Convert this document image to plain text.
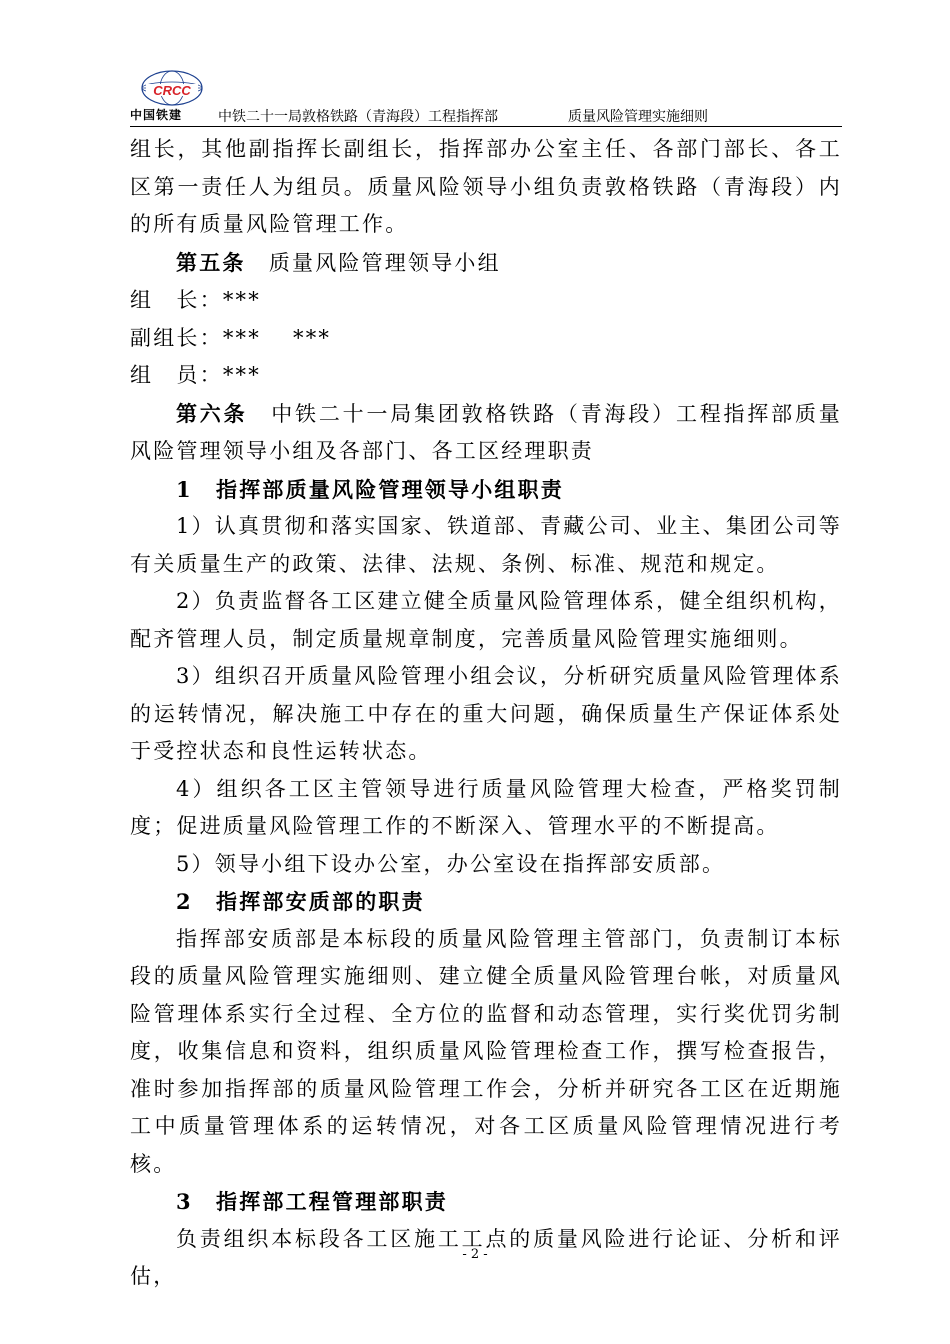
CRCC
中国铁建	中铁二十一局敦格铁路（青海段）工程指挥部	质量风险管理实施细则

组长，其他副指挥长副组长，指挥部办公室主任、各部门部长、各工区第一责任人为组员。质量风险领导小组负责敦格铁路（青海段）内的所有质量风险管理工作。

第五条　 质量风险管理领导小组

组　长：***

副组长：***　 ***

组　员：***

第六条　 中铁二十一局集团敦格铁路（青海段）工程指挥部质量风险管理领导小组及各部门、各工区经理职责

1　指挥部质量风险管理领导小组职责

1）认真贯彻和落实国家、铁道部、青藏公司、业主、集团公司等有关质量生产的政策、法律、法规、条例、标准、规范和规定。

2）负责监督各工区建立健全质量风险管理体系，健全组织机构，配齐管理人员，制定质量规章制度，完善质量风险管理实施细则。

3）组织召开质量风险管理小组会议，分析研究质量风险管理体系的运转情况，解决施工中存在的重大问题，确保质量生产保证体系处于受控状态和良性运转状态。

4）组织各工区主管领导进行质量风险管理大检查，严格奖罚制度；促进质量风险管理工作的不断深入、管理水平的不断提高。

5）领导小组下设办公室，办公室设在指挥部安质部。

2　指挥部安质部的职责

指挥部安质部是本标段的质量风险管理主管部门，负责制订本标段的质量风险管理实施细则、建立健全质量风险管理台帐，对质量风险管理体系实行全过程、全方位的监督和动态管理，实行奖优罚劣制度，收集信息和资料，组织质量风险管理检查工作，撰写检查报告，准时参加指挥部的质量风险管理工作会，分析并研究各工区在近期施工中质量管理体系的运转情况，对各工区质量风险管理情况进行考核。

3　指挥部工程管理部职责

负责组织本标段各工区施工工点的质量风险进行论证、分析和评估，

- 2 -
